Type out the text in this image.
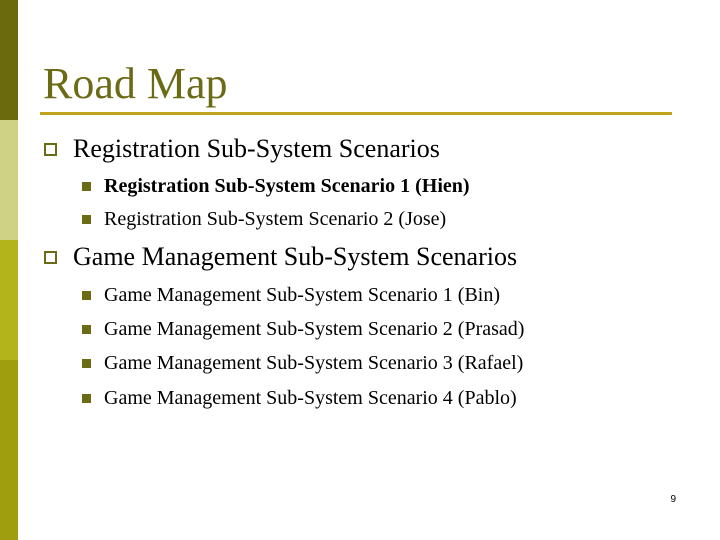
Road Map
Registration Sub-System Scenarios
Registration Sub-System Scenario 1 (Hien)
Registration Sub-System Scenario 2 (Jose)
Game Management Sub-System Scenarios
Game Management Sub-System Scenario 1 (Bin)
Game Management Sub-System Scenario 2 (Prasad)
Game Management Sub-System Scenario 3 (Rafael)
Game Management Sub-System Scenario 4 (Pablo)
9
